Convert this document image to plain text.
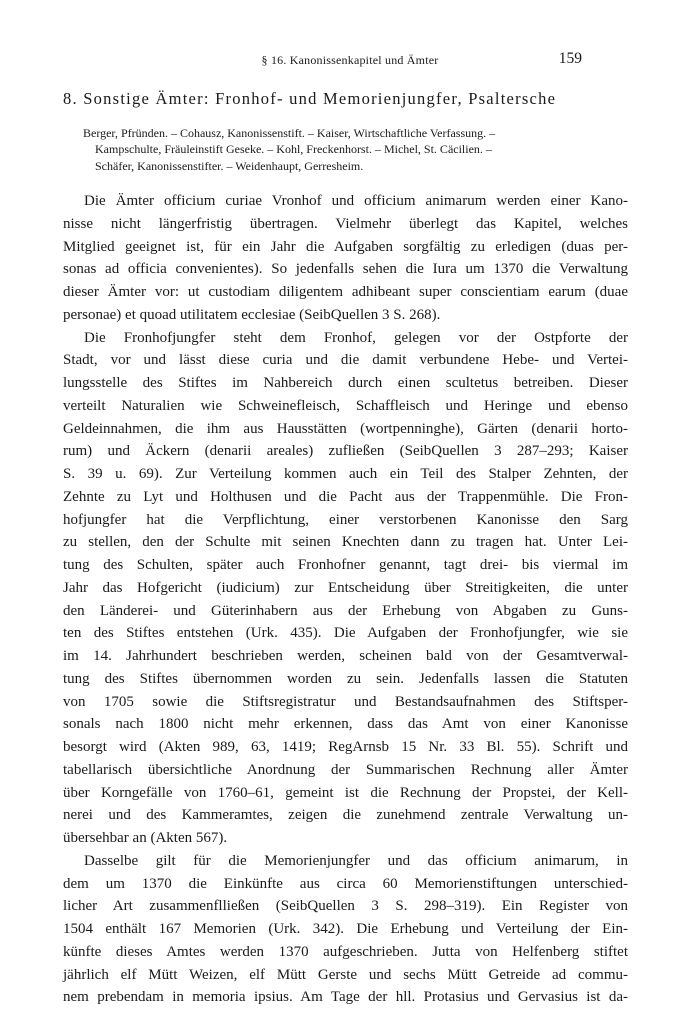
§ 16. Kanonissenkapitel und Ämter	159
8. Sonstige Ämter: Fronhof- und Memorienjungfer, Psaltersche
Berger, Pfründen. – Cohausz, Kanonissenstift. – Kaiser, Wirtschaftliche Verfassung. –
Kampschulte, Fräuleinstift Geseke. – Kohl, Freckenhorst. – Michel, St. Cäcilien. –
Schäfer, Kanonissenstifter. – Weidenhaupt, Gerresheim.
Die Ämter officium curiae Vronhof und officium animarum werden einer Kano-
nisse nicht längerfristig übertragen. Vielmehr überlegt das Kapitel, welches
Mitglied geeignet ist, für ein Jahr die Aufgaben sorgfältig zu erledigen (duas per-
sonas ad officia convenientes). So jedenfalls sehen die Iura um 1370 die Verwaltung
dieser Ämter vor: ut custodiam diligentem adhibeant super conscientiam earum (duae
personae) et quoad utilitatem ecclesiae (SeibQuellen 3 S. 268).
Die Fronhofjungfer steht dem Fronhof, gelegen vor der Ostpforte der
Stadt, vor und lässt diese curia und die damit verbundene Hebe- und Vertei-
lungsstelle des Stiftes im Nahbereich durch einen scultetus betreiben. Dieser
verteilt Naturalien wie Schweinefleisch, Schaffleisch und Heringe und ebenso
Geldeinnahmen, die ihm aus Hausstätten (wortpenninghe), Gärten (denarii horto-
rum) und Äckern (denarii areales) zufließen (SeibQuellen 3 287–293; Kaiser
S. 39 u. 69). Zur Verteilung kommen auch ein Teil des Stalper Zehnten, der
Zehnte zu Lyt und Holthusen und die Pacht aus der Trappenmühle. Die Fron-
hofjungfer hat die Verpflichtung, einer verstorbenen Kanonisse den Sarg
zu stellen, den der Schulte mit seinen Knechten dann zu tragen hat. Unter Lei-
tung des Schulten, später auch Fronhofner genannt, tagt drei- bis viermal im
Jahr das Hofgericht (iudicium) zur Entscheidung über Streitigkeiten, die unter
den Länderei- und Güterinhabern aus der Erhebung von Abgaben zu Guns-
ten des Stiftes entstehen (Urk. 435). Die Aufgaben der Fronhofjungfer, wie sie
im 14. Jahrhundert beschrieben werden, scheinen bald von der Gesamtverwal-
tung des Stiftes übernommen worden zu sein. Jedenfalls lassen die Statuten
von 1705 sowie die Stiftsregistratur und Bestandsaufnahmen des Stiftsper-
sonals nach 1800 nicht mehr erkennen, dass das Amt von einer Kanonisse
besorgt wird (Akten 989, 63, 1419; RegArnsb 15 Nr. 33 Bl. 55). Schrift und
tabellarisch übersichtliche Anordnung der Summarischen Rechnung aller Ämter
über Korngefälle von 1760–61, gemeint ist die Rechnung der Propstei, der Kell-
nerei und des Kammeramtes, zeigen die zunehmend zentrale Verwaltung un-
übersehbar an (Akten 567).
Dasselbe gilt für die Memorienjungfer und das officium animarum, in
dem um 1370 die Einkünfte aus circa 60 Memorienstiftungen unterschied-
licher Art zusammenflließen (SeibQuellen 3 S. 298–319). Ein Register von
1504 enthält 167 Memorien (Urk. 342). Die Erhebung und Verteilung der Ein-
künfte dieses Amtes werden 1370 aufgeschrieben. Jutta von Helfenberg stiftet
jährlich elf Mütt Weizen, elf Mütt Gerste und sechs Mütt Getreide ad commu-
nem prebendam in memoria ipsius. Am Tage der hll. Protasius und Gervasius ist da-
